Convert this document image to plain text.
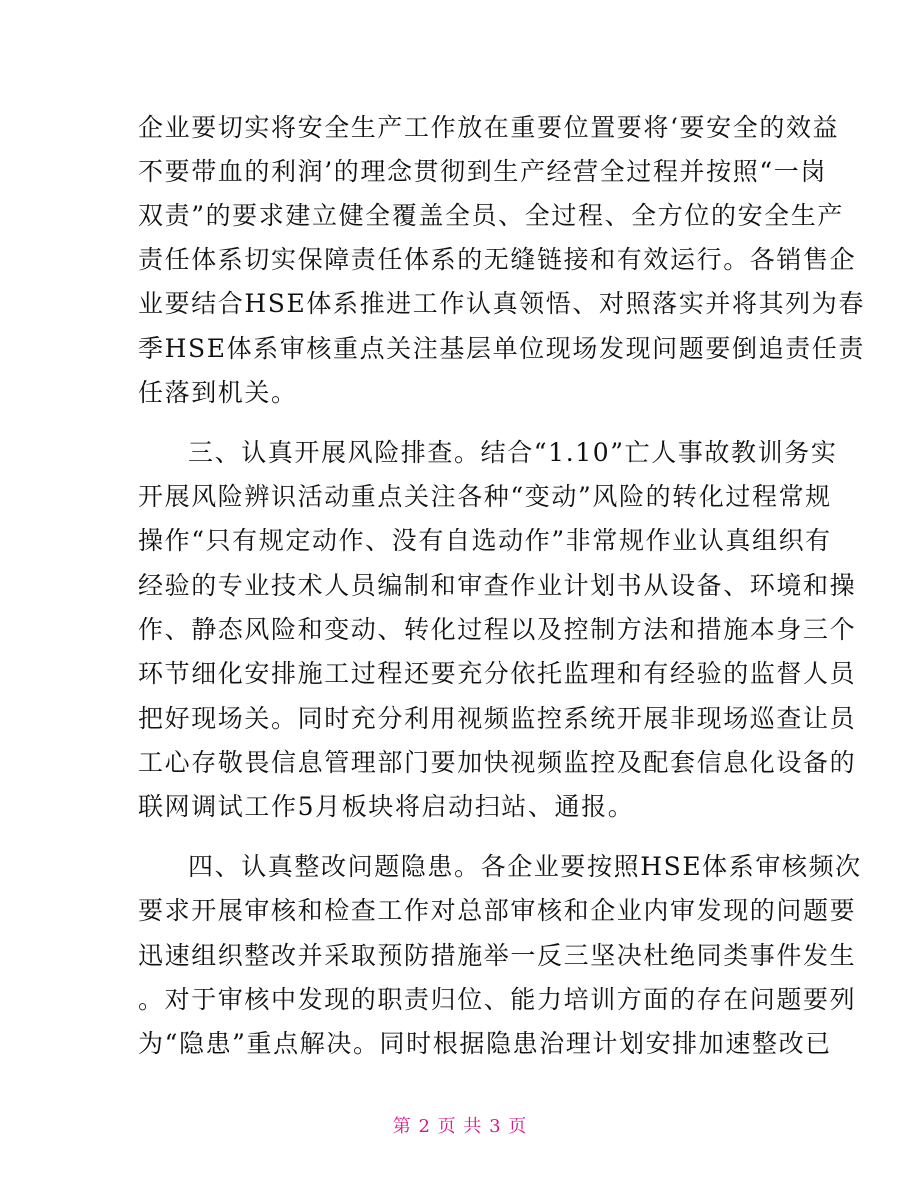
企业要切实将安全生产工作放在重要位置要将‘要安全的效益
不要带血的利润’的理念贯彻到生产经营全过程并按照“一岗
双责”的要求建立健全覆盖全员、全过程、全方位的安全生产
责任体系切实保障责任体系的无缝链接和有效运行。各销售企
业要结合HSE体系推进工作认真领悟、对照落实并将其列为春
季HSE体系审核重点关注基层单位现场发现问题要倒追责任责
任落到机关。
三、认真开展风险排查。结合“1.10”亡人事故教训务实
开展风险辨识活动重点关注各种“变动”风险的转化过程常规
操作“只有规定动作、没有自选动作”非常规作业认真组织有
经验的专业技术人员编制和审查作业计划书从设备、环境和操
作、静态风险和变动、转化过程以及控制方法和措施本身三个
环节细化安排施工过程还要充分依托监理和有经验的监督人员
把好现场关。同时充分利用视频监控系统开展非现场巡查让员
工心存敬畏信息管理部门要加快视频监控及配套信息化设备的
联网调试工作5月板块将启动扫站、通报。
四、认真整改问题隐患。各企业要按照HSE体系审核频次
要求开展审核和检查工作对总部审核和企业内审发现的问题要
迅速组织整改并采取预防措施举一反三坚决杜绝同类事件发生
。对于审核中发现的职责归位、能力培训方面的存在问题要列
为“隐患”重点解决。同时根据隐患治理计划安排加速整改已
第 2 页 共 3 页
